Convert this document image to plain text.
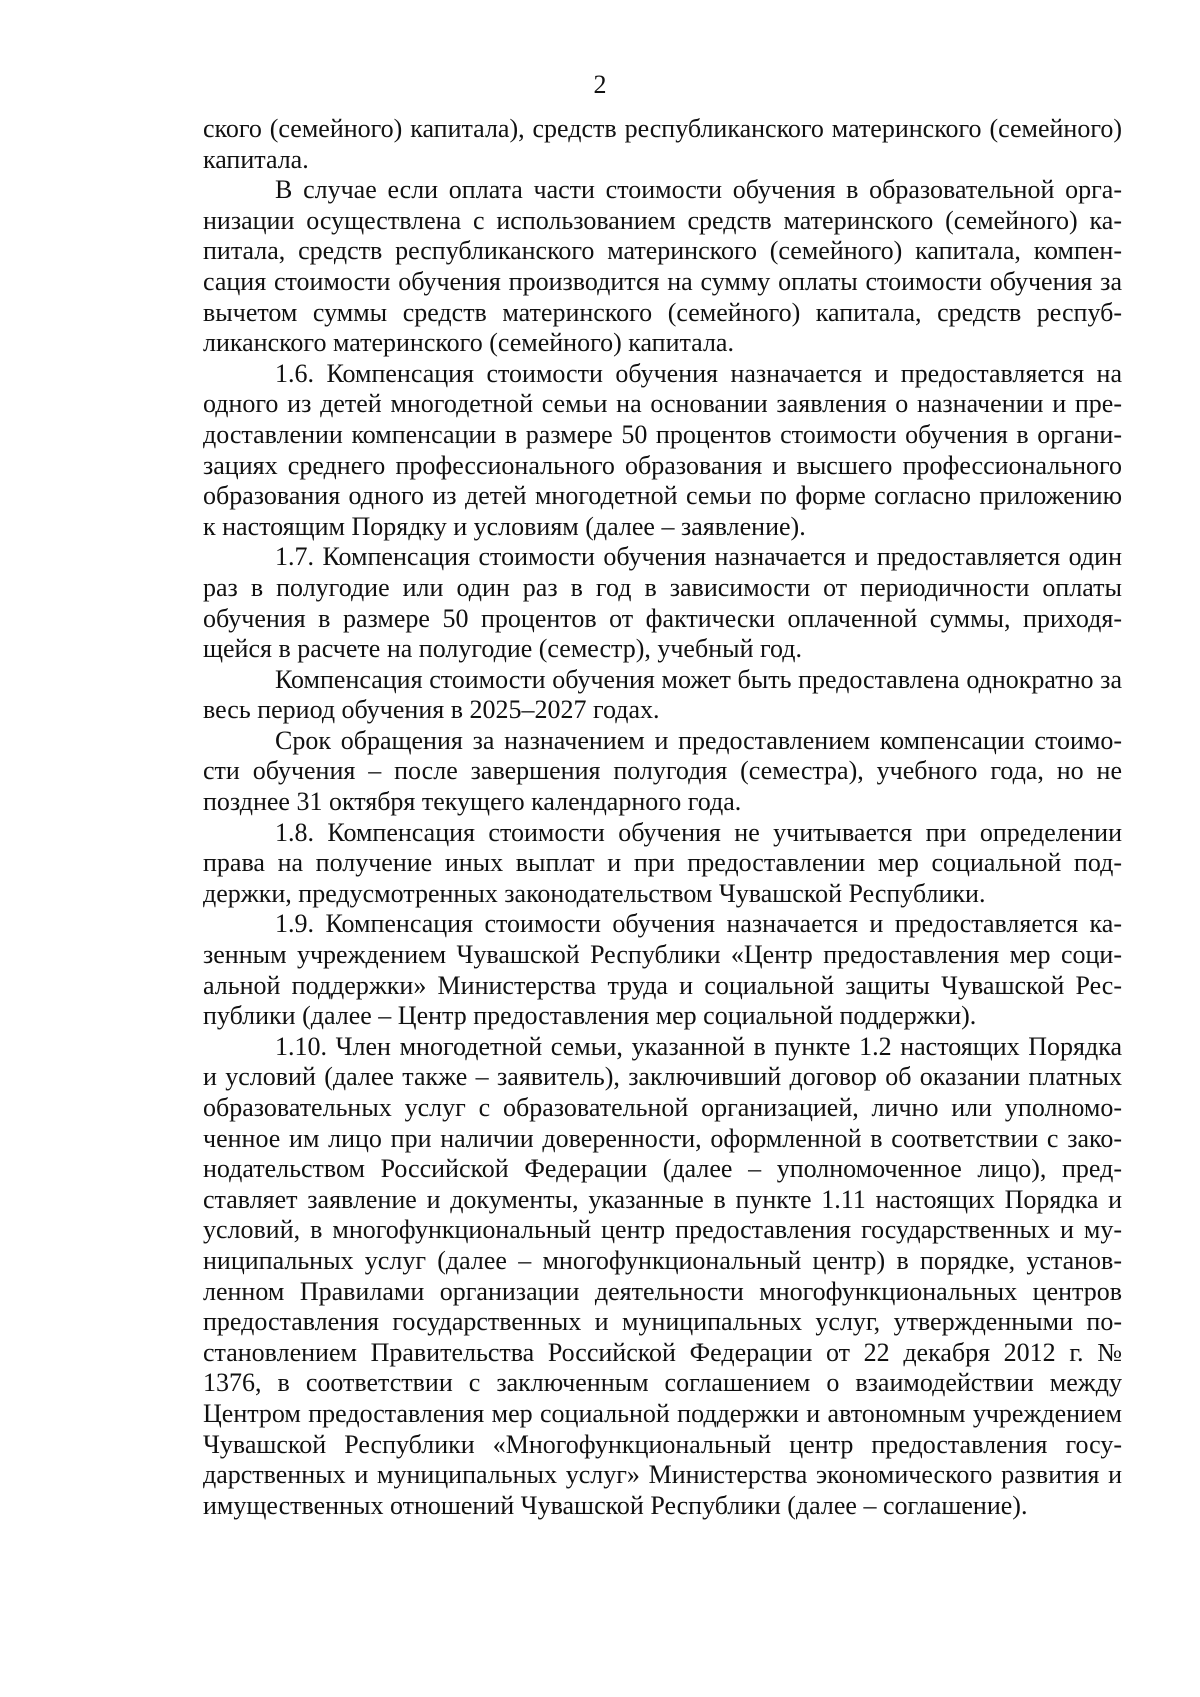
2

ского (семейного) капитала), средств республиканского материнского (семейного) капитала.

В случае если оплата части стоимости обучения в образовательной организации осуществлена с использованием средств материнского (семейного) капитала, средств республиканского материнского (семейного) капитала, компенсация стоимости обучения производится на сумму оплаты стоимости обучения за вычетом суммы средств материнского (семейного) капитала, средств республиканского материнского (семейного) капитала.

1.6. Компенсация стоимости обучения назначается и предоставляется на одного из детей многодетной семьи на основании заявления о назначении и предоставлении компенсации в размере 50 процентов стоимости обучения в организациях среднего профессионального образования и высшего профессионального образования одного из детей многодетной семьи по форме согласно приложению к настоящим Порядку и условиям (далее – заявление).

1.7. Компенсация стоимости обучения назначается и предоставляется один раз в полугодие или один раз в год в зависимости от периодичности оплаты обучения в размере 50 процентов от фактически оплаченной суммы, приходящейся в расчете на полугодие (семестр), учебный год.

Компенсация стоимости обучения может быть предоставлена однократно за весь период обучения в 2025–2027 годах.

Срок обращения за назначением и предоставлением компенсации стоимости обучения – после завершения полугодия (семестра), учебного года, но не позднее 31 октября текущего календарного года.

1.8. Компенсация стоимости обучения не учитывается при определении права на получение иных выплат и при предоставлении мер социальной поддержки, предусмотренных законодательством Чувашской Республики.

1.9. Компенсация стоимости обучения назначается и предоставляется казенным учреждением Чувашской Республики «Центр предоставления мер социальной поддержки» Министерства труда и социальной защиты Чувашской Республики (далее – Центр предоставления мер социальной поддержки).

1.10. Член многодетной семьи, указанной в пункте 1.2 настоящих Порядка и условий (далее также – заявитель), заключивший договор об оказании платных образовательных услуг с образовательной организацией, лично или уполномоченное им лицо при наличии доверенности, оформленной в соответствии с законодательством Российской Федерации (далее – уполномоченное лицо), представляет заявление и документы, указанные в пункте 1.11 настоящих Порядка и условий, в многофункциональный центр предоставления государственных и муниципальных услуг (далее – многофункциональный центр) в порядке, установленном Правилами организации деятельности многофункциональных центров предоставления государственных и муниципальных услуг, утвержденными постановлением Правительства Российской Федерации от 22 декабря 2012 г. № 1376, в соответствии с заключенным соглашением о взаимодействии между Центром предоставления мер социальной поддержки и автономным учреждением Чувашской Республики «Многофункциональный центр предоставления государственных и муниципальных услуг» Министерства экономического развития и имущественных отношений Чувашской Республики (далее – соглашение).
